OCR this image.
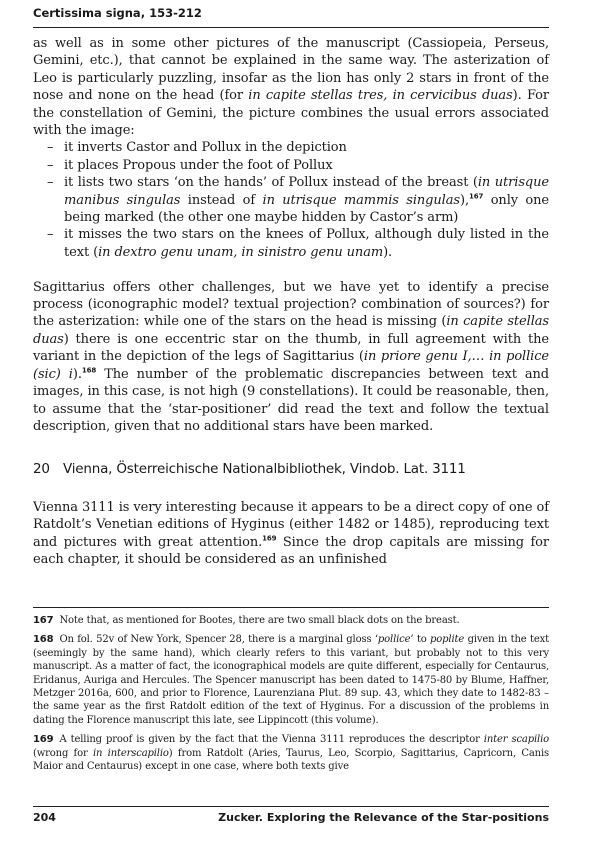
Certissima signa, 153-212

as well as in some other pictures of the manuscript (Cassiopeia, Perseus, Gemini, etc.), that cannot be explained in the same way. The asterization of Leo is particularly puzzling, insofar as the lion has only 2 stars in front of the nose and none on the head (for in capite stellas tres, in cervicibus duas). For the constellation of Gemini, the picture combines the usual errors associated with the image:

– it inverts Castor and Pollux in the depiction
– it places Propous under the foot of Pollux
– it lists two stars ‘on the hands’ of Pollux instead of the breast (in utrisque manibus singulas instead of in utrisque mammis singulas),$^{167}$ only one being marked (the other one maybe hidden by Castor’s arm)
– it misses the two stars on the knees of Pollux, although duly listed in the text (in dextro genu unam, in sinistro genu unam).

Sagittarius offers other challenges, but we have yet to identify a precise process (iconographic model? textual projection? combination of sources?) for the asterization: while one of the stars on the head is missing (in capite stellas duas) there is one eccentric star on the thumb, in full agreement with the variant in the depiction of the legs of Sagittarius (in priore genu I,… in pollice (sic) i).$^{168}$ The number of the problematic discrepancies between text and images, in this case, is not high (9 constellations). It could be reasonable, then, to assume that the ‘star-positioner’ did read the text and follow the textual description, given that no additional stars have been marked.

20 Vienna, Österreichische Nationalbibliothek, Vindob. Lat. 3111

Vienna 3111 is very interesting because it appears to be a direct copy of one of Ratdolt’s Venetian editions of Hyginus (either 1482 or 1485), reproducing text and pictures with great attention.$^{169}$ Since the drop capitals are missing for each chapter, it should be considered as an unfinished

167 Note that, as mentioned for Bootes, there are two small black dots on the breast.

168 On fol. 52v of New York, Spencer 28, there is a marginal gloss ‘pollice’ to poplite given in the text (seemingly by the same hand), which clearly refers to this variant, but probably not to this very manuscript. As a matter of fact, the iconographical models are quite different, especially for Centaurus, Eridanus, Auriga and Hercules. The Spencer manuscript has been dated to 1475-80 by Blume, Haffner, Metzger 2016a, 600, and prior to Florence, Laurenziana Plut. 89 sup. 43, which they date to 1482-83 – the same year as the first Ratdolt edition of the text of Hyginus. For a discussion of the problems in dating the Florence manuscript this late, see Lippincott (this volume).

169 A telling proof is given by the fact that the Vienna 3111 reproduces the descriptor inter scapilio (wrong for in interscapilio) from Ratdolt (Aries, Taurus, Leo, Scorpio, Sagittarius, Capricorn, Canis Maior and Centaurus) except in one case, where both texts give

204	Zucker. Exploring the Relevance of the Star-positions
